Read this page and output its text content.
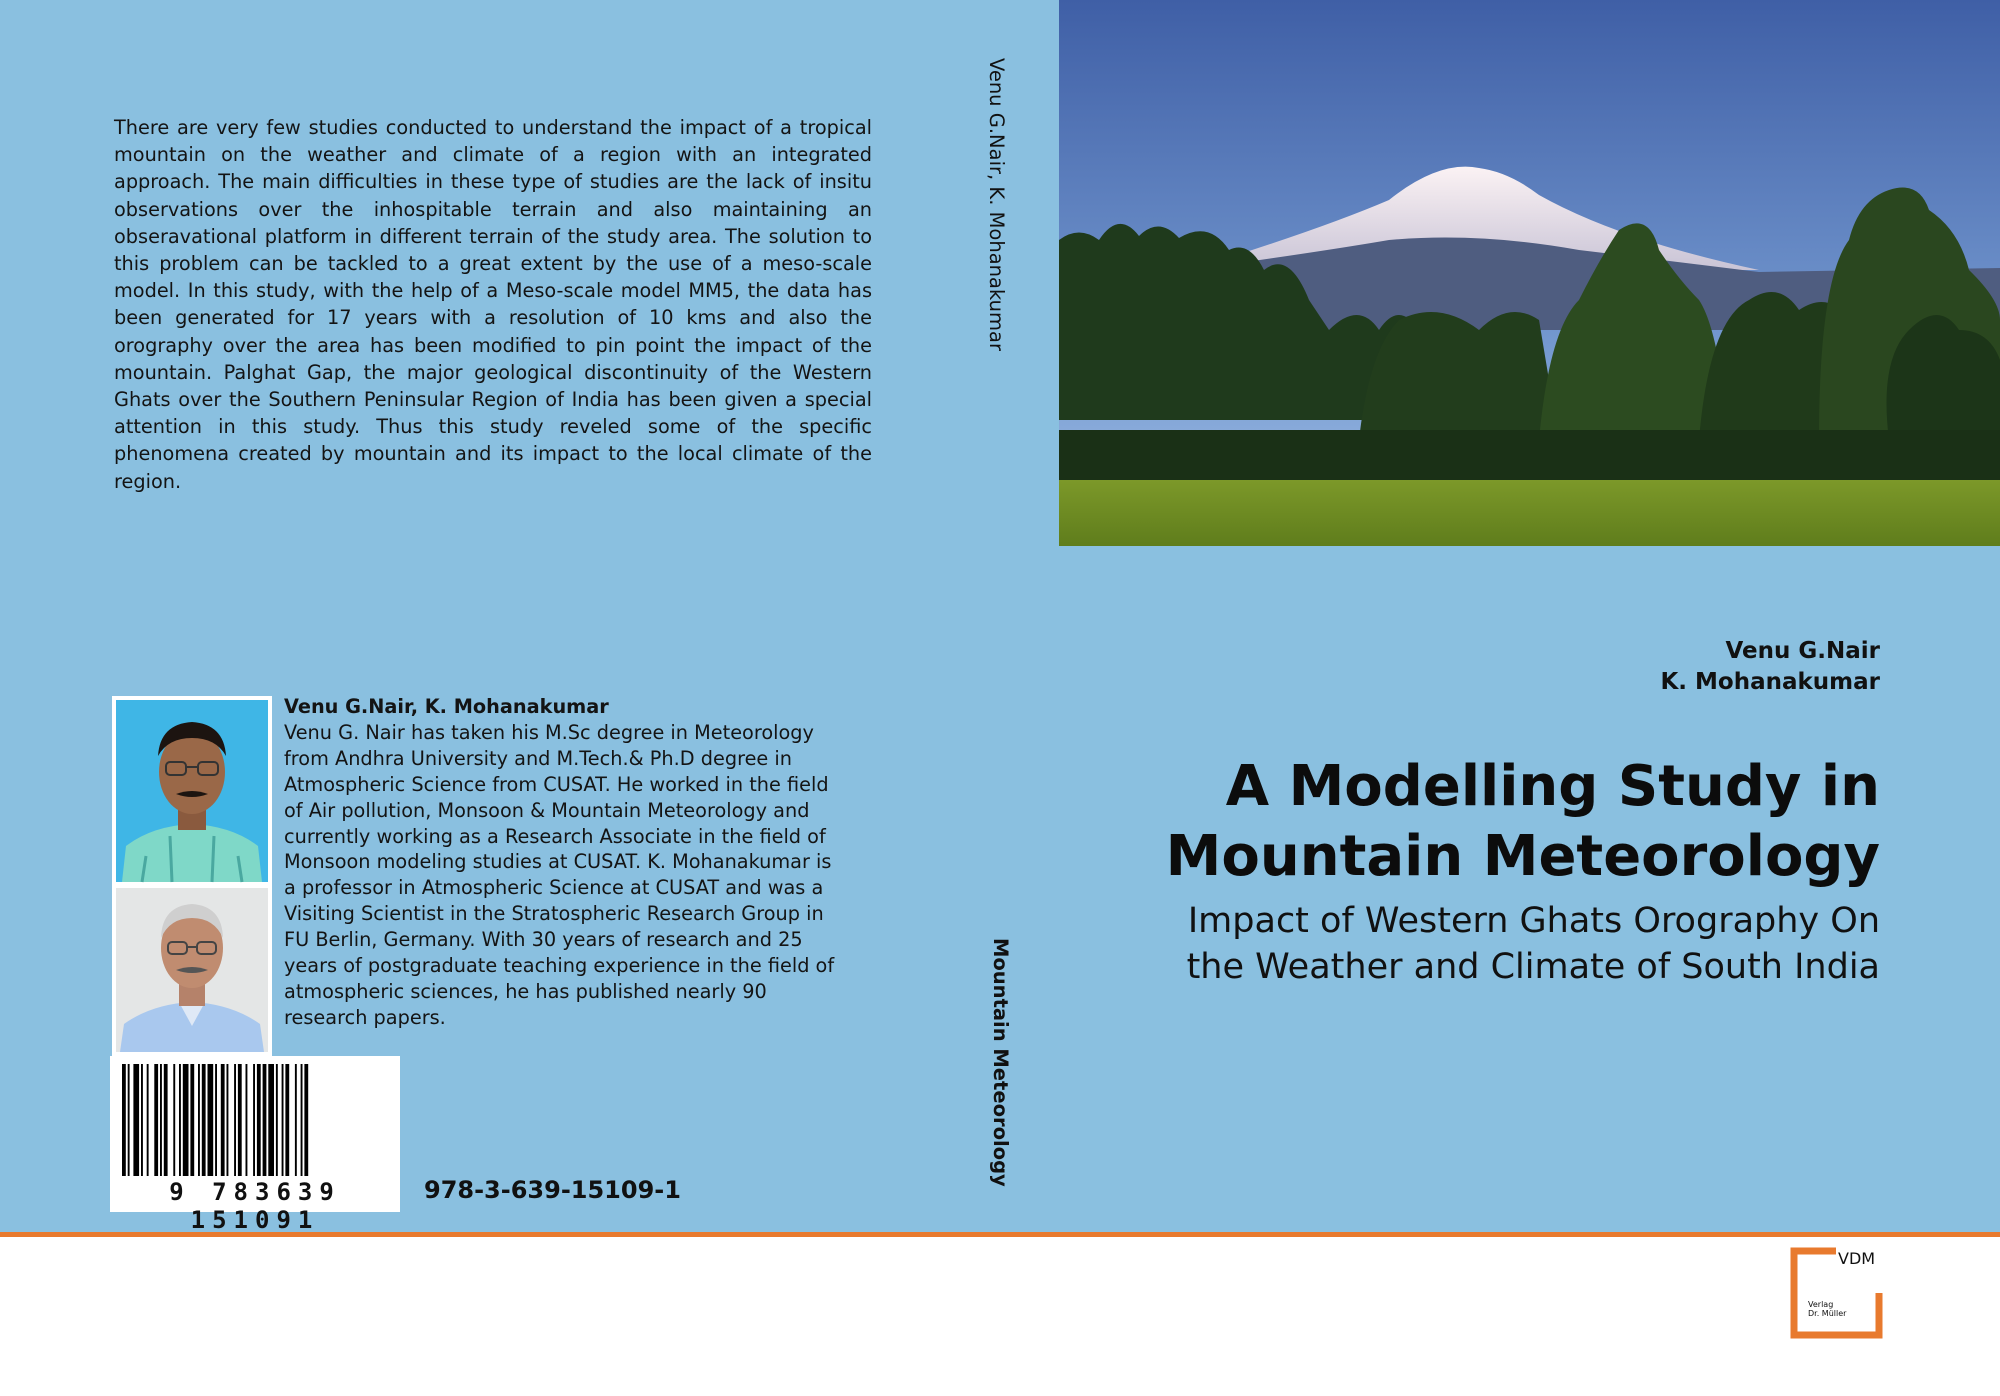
There are very few studies conducted to understand the impact of a tropical mountain on the weather and climate of a region with an integrated approach. The main difficulties in these type of studies are the lack of insitu observations over the inhospitable terrain and also maintaining an obseravational platform in different terrain of the study area. The solution to this problem can be tackled to a great extent by the use of a meso-scale model. In this study, with the help of a Meso-scale model MM5, the data has been generated for 17 years with a resolution of 10 kms and also the orography over the area has been modified to pin point the impact of the mountain. Palghat Gap, the major geological discontinuity of the Western Ghats over the Southern Peninsular Region of India has been given a special attention in this study. Thus this study reveled some of the specific phenomena created by mountain and its impact to the local climate of the region.

Venu G.Nair, K. Mohanakumar
Venu G. Nair has taken his M.Sc degree in Meteorology from Andhra University and M.Tech.& Ph.D degree in Atmospheric Science from CUSAT. He worked in the field of Air pollution, Monsoon & Mountain Meteorology and currently working as a Research Associate in the field of Monsoon modeling studies at CUSAT. K. Mohanakumar is a professor in Atmospheric Science at CUSAT and was a Visiting Scientist in the Stratospheric Research Group in FU Berlin, Germany. With 30 years of research and 25 years of postgraduate teaching experience in the field of atmospheric sciences, he has published nearly 90 research papers.
9 783639 151091
978-3-639-15109-1
Venu G.Nair, K. Mohanakumar
Mountain Meteorology
Venu G.Nair
K. Mohanakumar
A Modelling Study in
Mountain Meteorology
Impact of Western Ghats Orography On
the Weather and Climate of South India
VDM
Verlag
Dr. Müller
